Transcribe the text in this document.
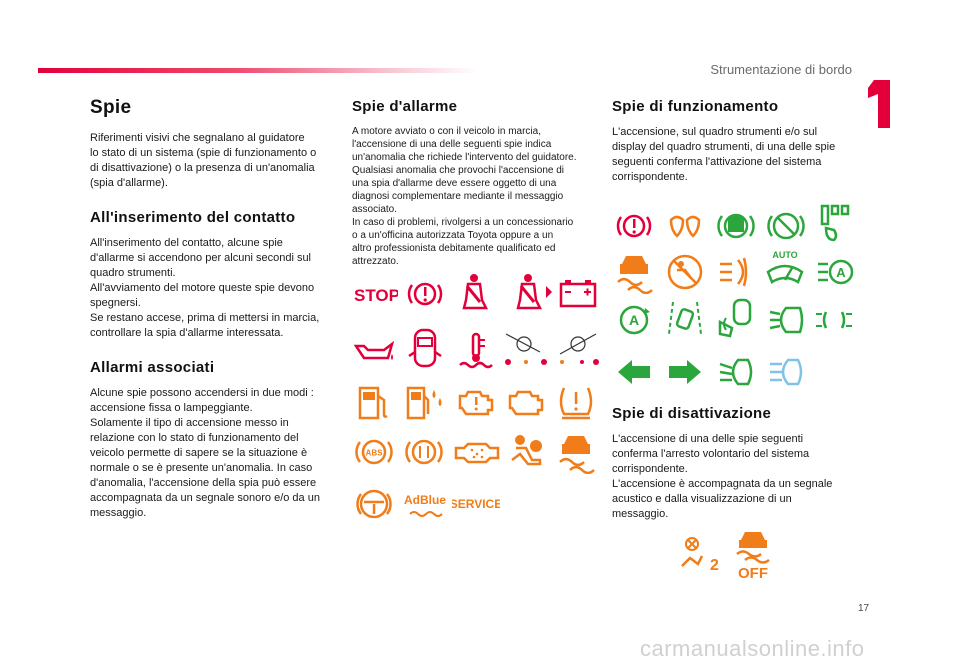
Strumentazione di bordo
17
carmanualsonline.info
Spie

Riferimenti visivi che segnalano al guidatore
lo stato di un sistema (spie di funzionamento o
di disattivazione) o la presenza di un'anomalia
(spia d'allarme).

All'inserimento del contatto

All'inserimento del contatto, alcune spie
d'allarme si accendono per alcuni secondi sul
quadro strumenti.
All'avviamento del motore queste spie devono
spegnersi.
Se restano accese, prima di mettersi in marcia,
controllare la spia d'allarme interessata.

Allarmi associati

Alcune spie possono accendersi in due modi :
accensione fissa o lampeggiante.
Solamente il tipo di accensione messo in
relazione con lo stato di funzionamento del
veicolo permette di sapere se la situazione è
normale o se è presente un'anomalia. In caso
d'anomalia, l'accensione della spia può essere
accompagnata da un segnale sonoro e/o da un
messaggio.

Spie d'allarme

A motore avviato o con il veicolo in marcia,
l'accensione di una delle seguenti spie indica
un'anomalia che richiede l'intervento del guidatore.
Qualsiasi anomalia che provochi l'accensione di
una spia d'allarme deve essere oggetto di una
diagnosi complementare mediante il messaggio
associato.
In caso di problemi, rivolgersi a un concessionario
o a un'officina autorizzata Toyota oppure a un
altro professionista debitamente qualificato ed
attrezzato.

Spie di funzionamento

L'accensione, sul quadro strumenti e/o sul
display del quadro strumenti, di una delle spie
seguenti conferma l'attivazione del sistema
corrispondente.

Spie di disattivazione

L'accensione di una delle spie seguenti
conferma l'arresto volontario del sistema
corrispondente.
L'accensione è accompagnata da un segnale
acustico e dalla visualizzazione di un
messaggio.

STOP
ABS
AdBlue SERVICE
AUTO
A
A
2 OFF
